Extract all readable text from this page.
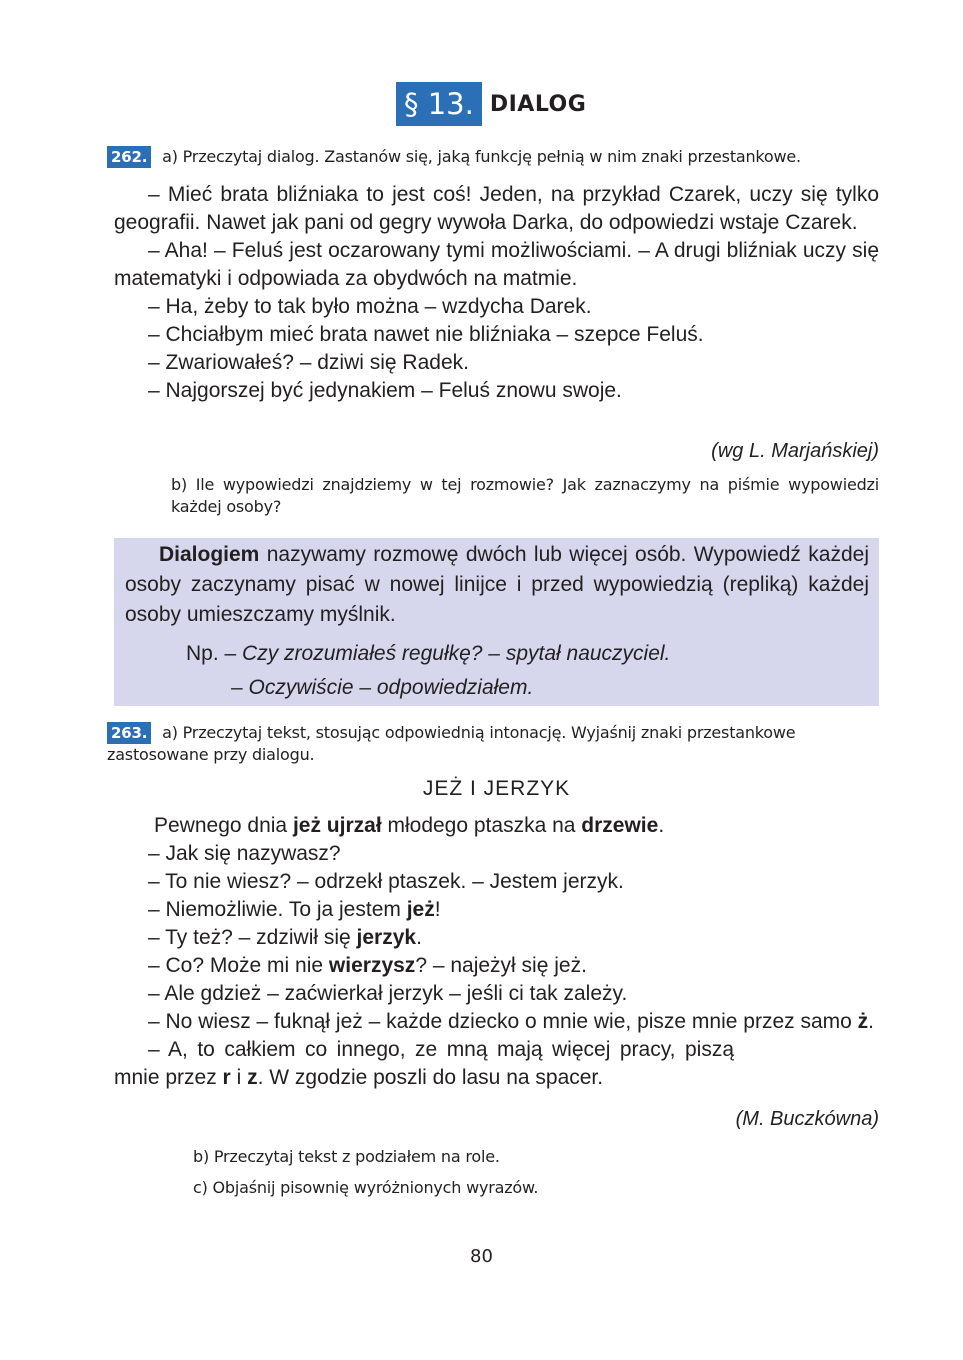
§ 13. DIALOG
262. a) Przeczytaj dialog. Zastanów się, jaką funkcję pełnią w nim znaki przestankowe.

– Mieć brata bliźniaka to jest coś! Jeden, na przykład Czarek, uczy się tylko geografii. Nawet jak pani od gegry wywoła Darka, do odpowiedzi wstaje Czarek.

– Aha! – Feluś jest oczarowany tymi możliwościami. – A drugi bliźniak uczy się matematyki i odpowiada za obydwóch na matmie.

– Ha, żeby to tak było można – wzdycha Darek.

– Chciałbym mieć brata nawet nie bliźniaka – szepce Feluś.

– Zwariowałeś? – dziwi się Radek.

– Najgorszej być jedynakiem – Feluś znowu swoje.

(wg L. Marjańskiej)
b) Ile wypowiedzi znajdziemy w tej rozmowie? Jak zaznaczymy na piśmie wypowiedzi każdej osoby?

Dialogiem nazywamy rozmowę dwóch lub więcej osób. Wypowiedź każdej osoby zaczynamy pisać w nowej linijce i przed wypowiedzią (repliką) każdej osoby umieszczamy myślnik.

Np. – Czy zrozumiałeś regułkę? – spytał nauczyciel.
– Oczywiście – odpowiedziałem.
263. a) Przeczytaj tekst, stosując odpowiednią intonację. Wyjaśnij znaki przestankowe zastosowane przy dialogu.
JEŻ I JERZYK

Pewnego dnia jeż ujrzał młodego ptaszka na drzewie.

– Jak się nazywasz?

– To nie wiesz? – odrzekł ptaszek. – Jestem jerzyk.

– Niemożliwie. To ja jestem jeż!

– Ty też? – zdziwił się jerzyk.

– Co? Może mi nie wierzysz? – najeżył się jeż.

– Ale gdzież – zaćwierkał jerzyk – jeśli ci tak zależy.

– No wiesz – fuknął jeż – każde dziecko o mnie wie, pisze mnie przez samo ż.

– A, to całkiem co innego, ze mną mają więcej pracy, piszą mnie przez r i z. W zgodzie poszli do lasu na spacer.

(M. Buczkówna)
b) Przeczytaj tekst z podziałem na role.
c) Objaśnij pisownię wyróżnionych wyrazów.
80
